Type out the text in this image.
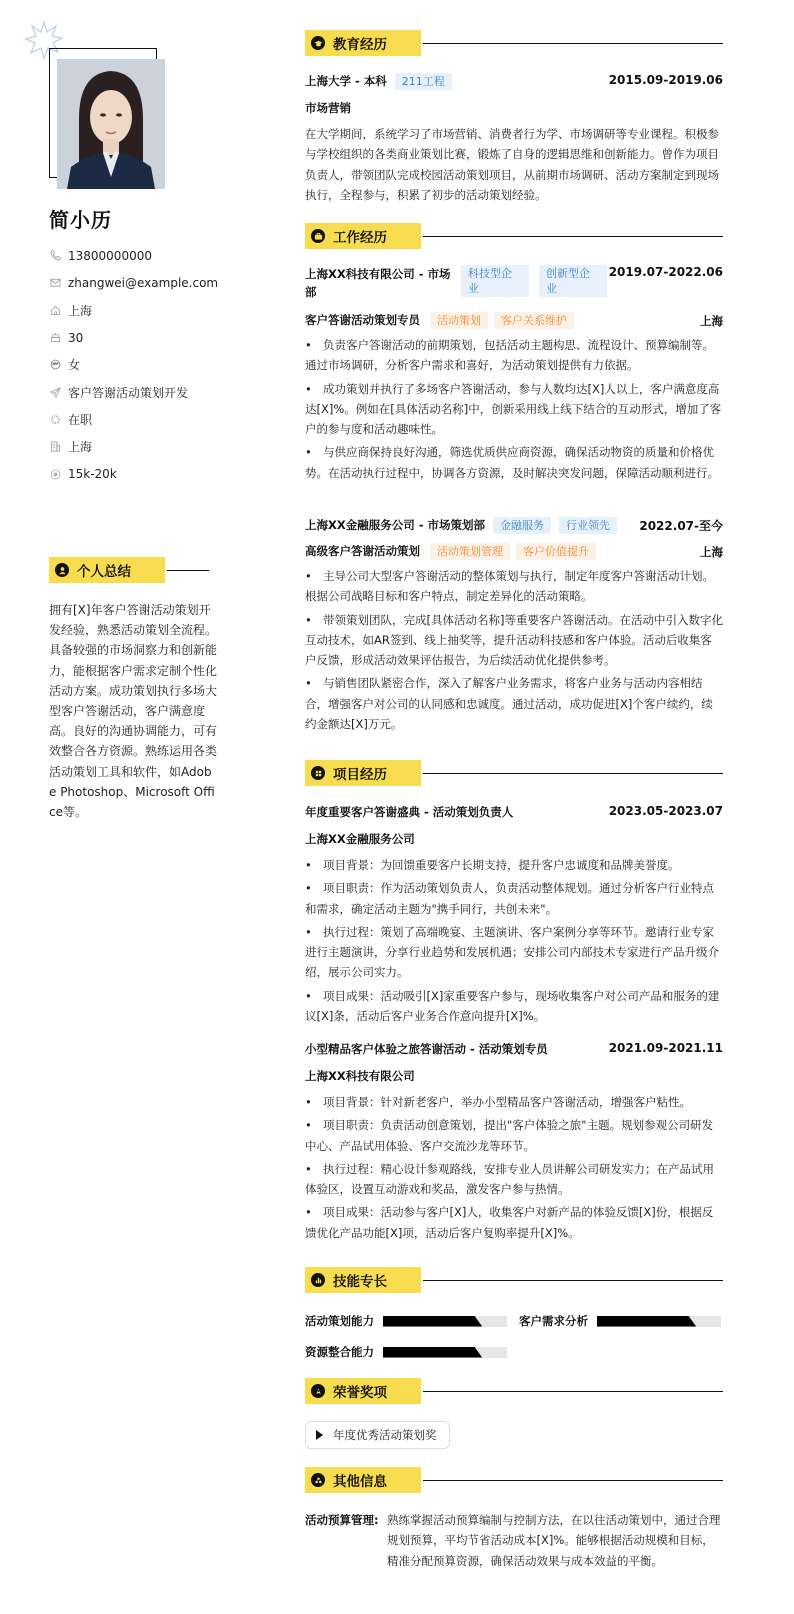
简小历
13800000000
zhangwei@example.com
上海
30
女
客户答谢活动策划开发
在职
上海
15k-20k
个人总结
拥有[X]年客户答谢活动策划开发经验，熟悉活动策划全流程。具备较强的市场洞察力和创新能力，能根据客户需求定制个性化活动方案。成功策划执行多场大型客户答谢活动，客户满意度高。良好的沟通协调能力，可有效整合各方资源。熟练运用各类活动策划工具和软件，如Adobe Photoshop、Microsoft Office等。
教育经历
上海大学 - 本科 211工程	2015.09-2019.06
市场营销
在大学期间，系统学习了市场营销、消费者行为学、市场调研等专业课程。积极参与学校组织的各类商业策划比赛，锻炼了自身的逻辑思维和创新能力。曾作为项目负责人，带领团队完成校园活动策划项目，从前期市场调研、活动方案制定到现场执行，全程参与，积累了初步的活动策划经验。
工作经历
上海XX科技有限公司 - 市场部
科技型企业
创新型企业
2019.07-2022.06
客户答谢活动策划专员 活动策划 客户关系维护	上海
• 负责客户答谢活动的前期策划，包括活动主题构思、流程设计、预算编制等。通过市场调研，分析客户需求和喜好，为活动策划提供有力依据。
• 成功策划并执行了多场客户答谢活动，参与人数均达[X]人以上，客户满意度高达[X]%。例如在[具体活动名称]中，创新采用线上线下结合的互动形式，增加了客户的参与度和活动趣味性。
• 与供应商保持良好沟通，筛选优质供应商资源，确保活动物资的质量和价格优势。在活动执行过程中，协调各方资源，及时解决突发问题，保障活动顺利进行。
上海XX金融服务公司 - 市场策划部 金融服务 行业领先	2022.07-至今
高级客户答谢活动策划 活动策划管理 客户价值提升	上海
• 主导公司大型客户答谢活动的整体策划与执行，制定年度客户答谢活动计划。根据公司战略目标和客户特点，制定差异化的活动策略。
• 带领策划团队，完成[具体活动名称]等重要客户答谢活动。在活动中引入数字化互动技术，如AR签到、线上抽奖等，提升活动科技感和客户体验。活动后收集客户反馈，形成活动效果评估报告，为后续活动优化提供参考。
• 与销售团队紧密合作，深入了解客户业务需求，将客户业务与活动内容相结合，增强客户对公司的认同感和忠诚度。通过活动，成功促进[X]个客户续约，续约金额达[X]万元。
项目经历
年度重要客户答谢盛典 - 活动策划负责人	2023.05-2023.07
上海XX金融服务公司
• 项目背景：为回馈重要客户长期支持，提升客户忠诚度和品牌美誉度。
• 项目职责：作为活动策划负责人，负责活动整体规划。通过分析客户行业特点和需求，确定活动主题为"携手同行，共创未来"。
• 执行过程：策划了高端晚宴、主题演讲、客户案例分享等环节。邀请行业专家进行主题演讲，分享行业趋势和发展机遇；安排公司内部技术专家进行产品升级介绍，展示公司实力。
• 项目成果：活动吸引[X]家重要客户参与，现场收集客户对公司产品和服务的建议[X]条，活动后客户业务合作意向提升[X]%。
小型精品客户体验之旅答谢活动 - 活动策划专员	2021.09-2021.11
上海XX科技有限公司
• 项目背景：针对新老客户，举办小型精品客户答谢活动，增强客户粘性。
• 项目职责：负责活动创意策划，提出"客户体验之旅"主题。规划参观公司研发中心、产品试用体验、客户交流沙龙等环节。
• 执行过程：精心设计参观路线，安排专业人员讲解公司研发实力；在产品试用体验区，设置互动游戏和奖品，激发客户参与热情。
• 项目成果：活动参与客户[X]人，收集客户对新产品的体验反馈[X]份，根据反馈优化产品功能[X]项，活动后客户复购率提升[X]%。
技能专长
活动策划能力	客户需求分析
资源整合能力
荣誉奖项
年度优秀活动策划奖
其他信息
活动预算管理: 熟练掌握活动预算编制与控制方法，在以往活动策划中，通过合理规划预算，平均节省活动成本[X]%。能够根据活动规模和目标，精准分配预算资源，确保活动效果与成本效益的平衡。
